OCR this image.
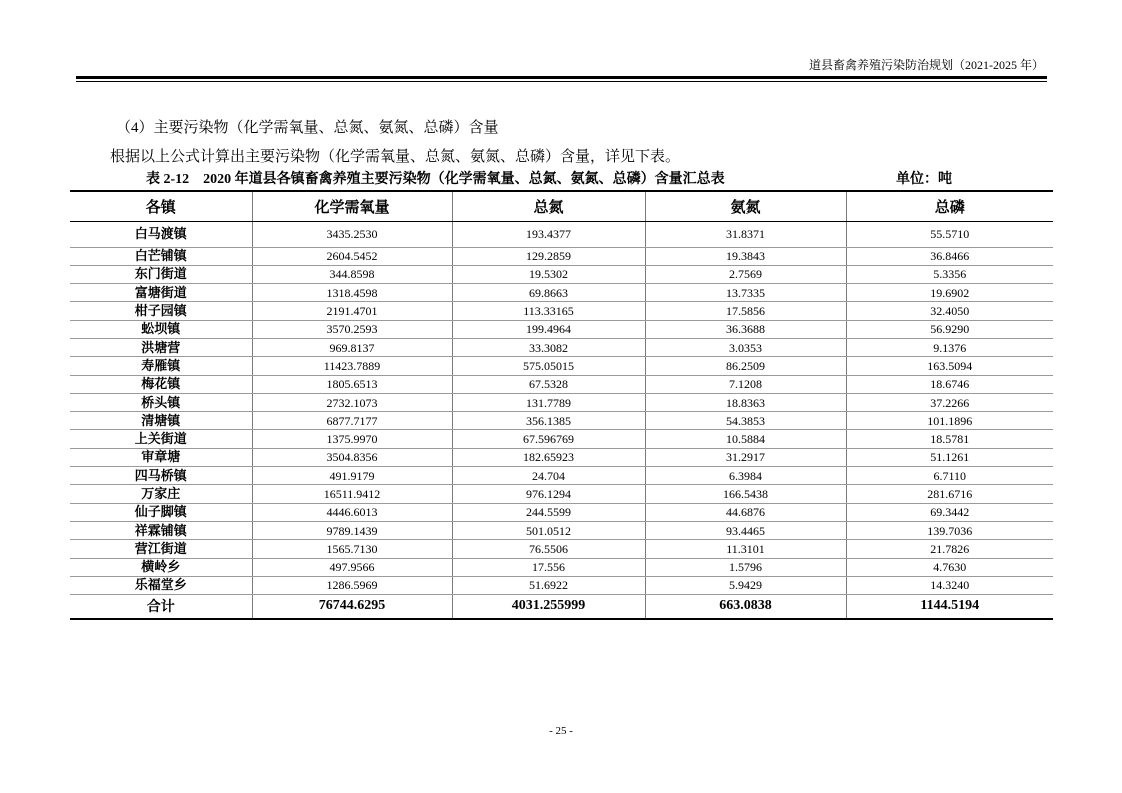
道县畜禽养殖污染防治规划（2021-2025 年）
（4）主要污染物（化学需氧量、总氮、氨氮、总磷）含量
根据以上公式计算出主要污染物（化学需氧量、总氮、氨氮、总磷）含量，详见下表。
表 2-12　2020 年道县各镇畜禽养殖主要污染物（化学需氧量、总氮、氨氮、总磷）含量汇总表	单位：吨
各镇	化学需氧量	总氮	氨氮	总磷
白马渡镇	3435.2530	193.4377	31.8371	55.5710
白芒铺镇	2604.5452	129.2859	19.3843	36.8466
东门街道	344.8598	19.5302	2.7569	5.3356
富塘街道	1318.4598	69.8663	13.7335	19.6902
柑子园镇	2191.4701	113.33165	17.5856	32.4050
蚣坝镇	3570.2593	199.4964	36.3688	56.9290
洪塘营	969.8137	33.3082	3.0353	9.1376
寿雁镇	11423.7889	575.05015	86.2509	163.5094
梅花镇	1805.6513	67.5328	7.1208	18.6746
桥头镇	2732.1073	131.7789	18.8363	37.2266
清塘镇	6877.7177	356.1385	54.3853	101.1896
上关街道	1375.9970	67.596769	10.5884	18.5781
审章塘	3504.8356	182.65923	31.2917	51.1261
四马桥镇	491.9179	24.704	6.3984	6.7110
万家庄	16511.9412	976.1294	166.5438	281.6716
仙子脚镇	4446.6013	244.5599	44.6876	69.3442
祥霖铺镇	9789.1439	501.0512	93.4465	139.7036
营江街道	1565.7130	76.5506	11.3101	21.7826
横岭乡	497.9566	17.556	1.5796	4.7630
乐福堂乡	1286.5969	51.6922	5.9429	14.3240
合计	76744.6295	4031.255999	663.0838	1144.5194
- 25 -
